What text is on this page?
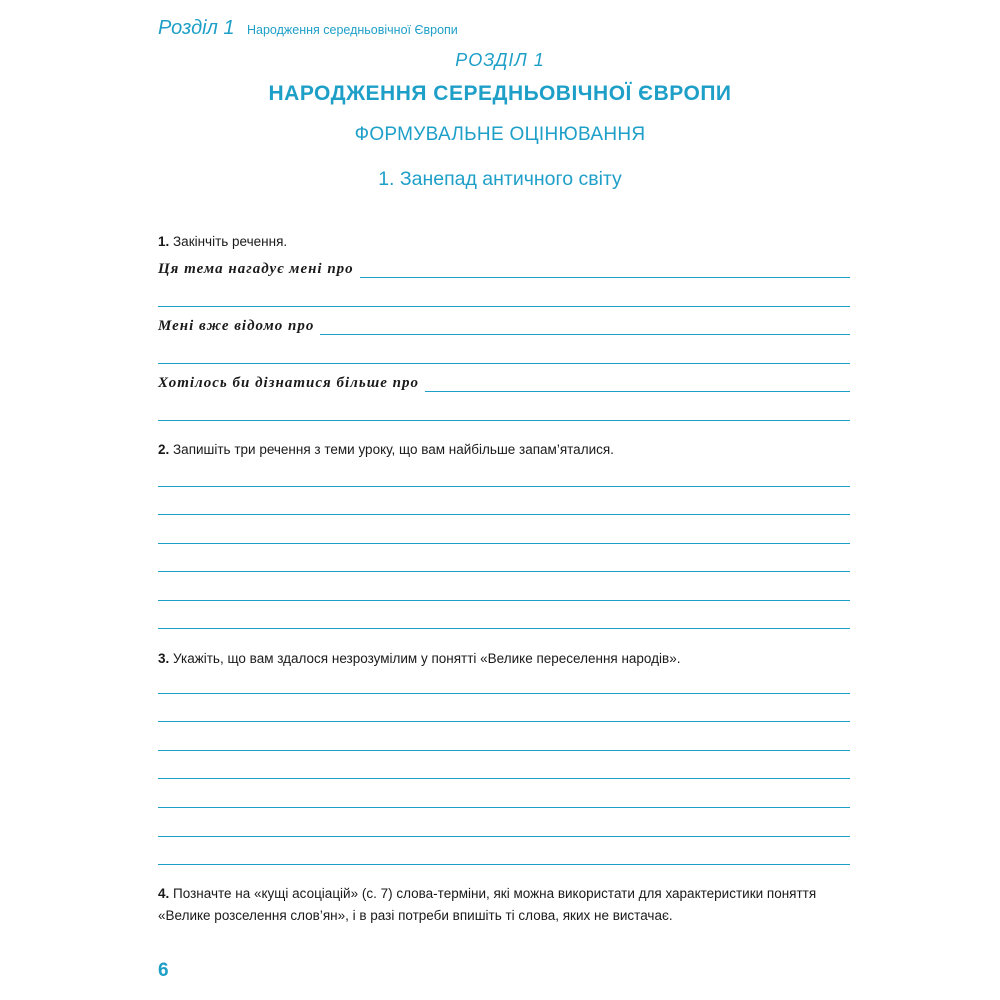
Розділ 1 Народження середньовічної Європи
РОЗДІЛ 1
НАРОДЖЕННЯ СЕРЕДНЬОВІЧНОЇ ЄВРОПИ
ФОРМУВАЛЬНЕ ОЦІНЮВАННЯ
1. Занепад античного світу
1. Закінчіть речення.
Ця тема нагадує мені про
Мені вже відомо про
Хотілось би дізнатися більше про
2. Запишіть три речення з теми уроку, що вам найбільше запам’яталися.
3. Укажіть, що вам здалося незрозумілим у понятті «Велике переселення народів».
4. Позначте на «кущі асоціацій» (с. 7) слова-терміни, які можна використати для характеристики поняття
«Велике розселення слов’ян», і в разі потреби впишіть ті слова, яких не вистачає.
6
